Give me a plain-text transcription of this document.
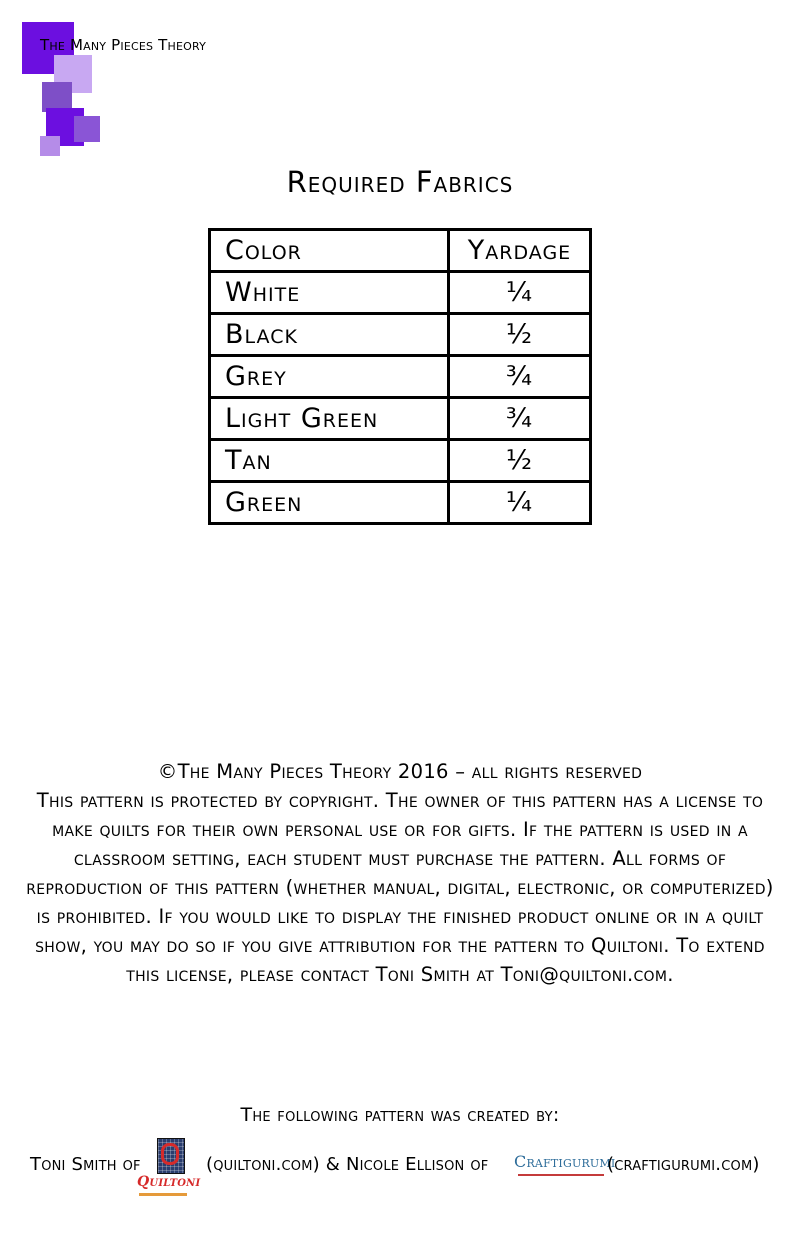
The Many Pieces Theory
Required Fabrics
Color	Yardage
White	¼
Black	½
Grey	¾
Light Green	¾
Tan	½
Green	¼

©The Many Pieces Theory 2016 – all rights reserved

This pattern is protected by copyright. The owner of this pattern has a license to make quilts for their own personal use or for gifts. If the pattern is used in a classroom setting, each student must purchase the pattern. All forms of reproduction of this pattern (whether manual, digital, electronic, or computerized) is prohibited. If you would like to display the finished product online or in a quilt show, you may do so if you give attribution for the pattern to Quiltoni. To extend this license, please contact Toni Smith at Toni@quiltoni.com.

The following pattern was created by:
Toni Smith of
Quiltoni
(quiltoni.com) & Nicole Ellison of Craftigurumi
(craftigurumi.com)
